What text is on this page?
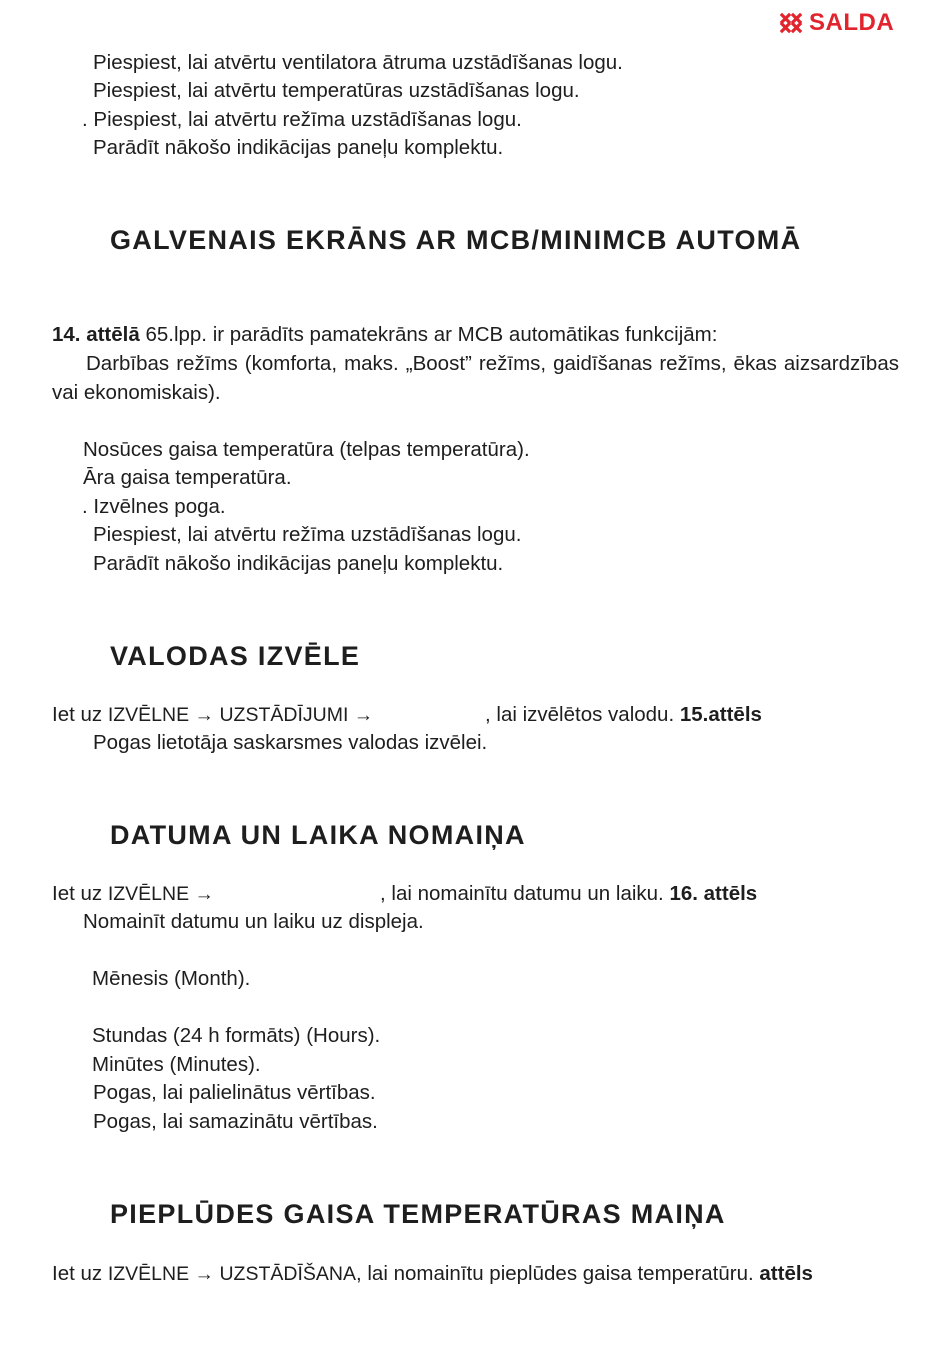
SALDA
Piespiest, lai atvērtu ventilatora ātruma uzstādīšanas logu.
Piespiest, lai atvērtu temperatūras uzstādīšanas logu.
. Piespiest, lai atvērtu režīma uzstādīšanas logu.
Parādīt nākošo indikācijas paneļu komplektu.
GALVENAIS EKRĀNS AR MCB/MINIMCB AUTOMĀ
14. attēlā 65.lpp. ir parādīts pamatekrāns ar MCB automātikas funkcijām:
Darbības režīms (komforta, maks. „Boost” režīms, gaidīšanas režīms, ēkas aizsardzības vai ekonomiskais).
Nosūces gaisa temperatūra (telpas temperatūra).
Āra gaisa temperatūra.
. Izvēlnes poga.
Piespiest, lai atvērtu režīma uzstādīšanas logu.
Parādīt nākošo indikācijas paneļu komplektu.
VALODAS IZVĒLE
Iet uz IZVĒLNE → UZSTĀDĪJUMI →	, lai izvēlētos valodu. 15.attēls
Pogas lietotāja saskarsmes valodas izvēlei.
DATUMA UN LAIKA NOMAIŅA
Iet uz IZVĒLNE →	, lai nomainītu datumu un laiku. 16. attēls
Nomainīt datumu un laiku uz displeja.
Mēnesis (Month).
Stundas (24 h formāts) (Hours).
Minūtes (Minutes).
Pogas, lai palielinātus vērtības.
Pogas, lai samazinātu vērtības.
PIEPLŪDES GAISA TEMPERATŪRAS MAIŅA
Iet uz IZVĒLNE → UZSTĀDĪŠANA, lai nomainītu pieplūdes gaisa temperatūru. attēls
